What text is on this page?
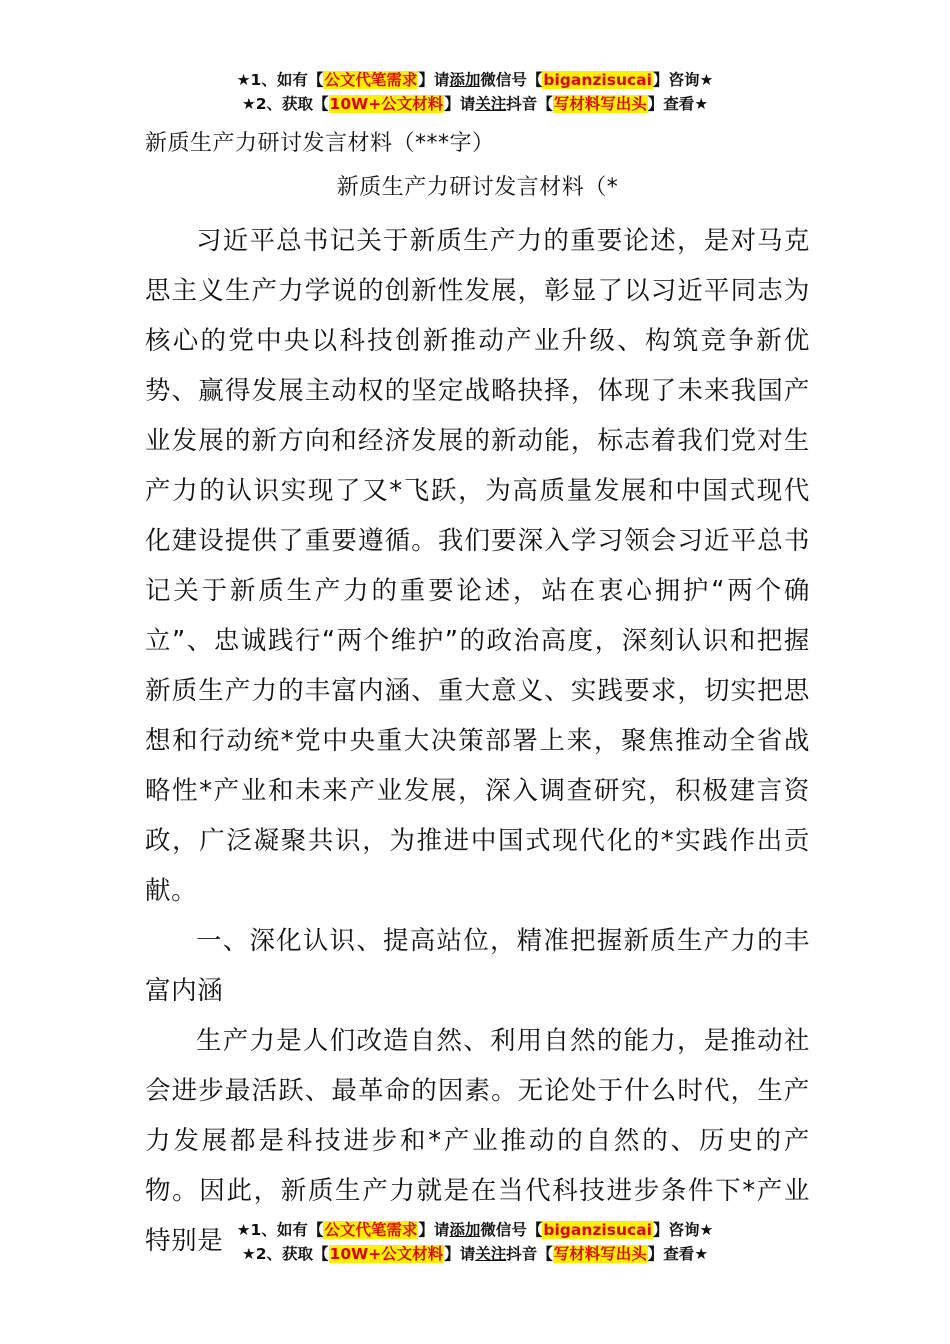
★1、如有【公文代笔需求】请添加微信号【biganzisucai】咨询★
★2、获取【10W+公文材料】请关注抖音【写材料写出头】查看★

新质生产力研讨发言材料（***字）

新质生产力研讨发言材料（*

习近平总书记关于新质生产力的重要论述，是对马克思主义生产力学说的创新性发展，彰显了以习近平同志为核心的党中央以科技创新推动产业升级、构筑竞争新优势、赢得发展主动权的坚定战略抉择，体现了未来我国产业发展的新方向和经济发展的新动能，标志着我们党对生产力的认识实现了又*飞跃，为高质量发展和中国式现代化建设提供了重要遵循。我们要深入学习领会习近平总书记关于新质生产力的重要论述，站在衷心拥护“两个确立”、忠诚践行“两个维护”的政治高度，深刻认识和把握新质生产力的丰富内涵、重大意义、实践要求，切实把思想和行动统*党中央重大决策部署上来，聚焦推动全省战略性*产业和未来产业发展，深入调查研究，积极建言资政，广泛凝聚共识，为推进中国式现代化的*实践作出贡献。

一、深化认识、提高站位，精准把握新质生产力的丰富内涵

生产力是人们改造自然、利用自然的能力，是推动社会进步最活跃、最革命的因素。无论处于什么时代，生产力发展都是科技进步和*产业推动的自然的、历史的产物。因此，新质生产力就是在当代科技进步条件下*产业特别是 ★1、如有【公文代笔需求】请添加微信号【biganzisucai】咨询★
★2、获取【10W+公文材料】请关注抖音【写材料写出头】查看★
